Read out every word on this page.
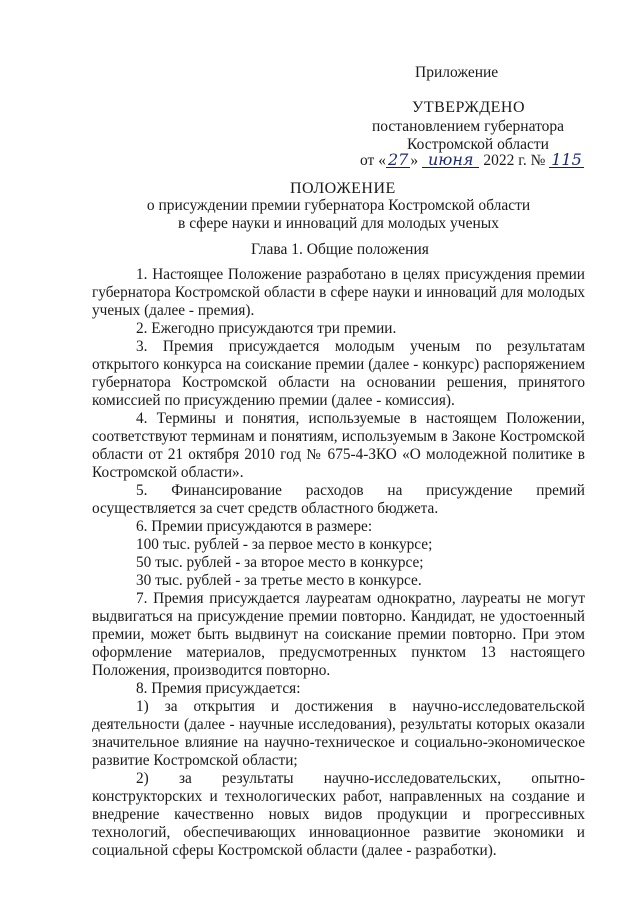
Приложение
УТВЕРЖДЕНО
постановлением губернатора
Костромской области
от « 27 » июня 2022 г. № 115
ПОЛОЖЕНИЕ
о присуждении премии губернатора Костромской области
в сфере науки и инноваций для молодых ученых
Глава 1. Общие положения

1. Настоящее Положение разработано в целях присуждения премии губернатора Костромской области в сфере науки и инноваций для молодых ученых (далее - премия).

2. Ежегодно присуждаются три премии.

3. Премия присуждается молодым ученым по результатам открытого конкурса на соискание премии (далее - конкурс) распоряжением губернатора Костромской области на основании решения, принятого комиссией по присуждению премии (далее - комиссия).

4. Термины и понятия, используемые в настоящем Положении, соответствуют терминам и понятиям, используемым в Законе Костромской области от 21 октября 2010 год № 675-4-ЗКО «О молодежной политике в Костромской области».

5. Финансирование расходов на присуждение премий осуществляется за счет средств областного бюджета.

6. Премии присуждаются в размере:

100 тыс. рублей - за первое место в конкурсе;

50 тыс. рублей - за второе место в конкурсе;

30 тыс. рублей - за третье место в конкурсе.

7. Премия присуждается лауреатам однократно, лауреаты не могут выдвигаться на присуждение премии повторно. Кандидат, не удостоенный премии, может быть выдвинут на соискание премии повторно. При этом оформление материалов, предусмотренных пунктом 13 настоящего Положения, производится повторно.

8. Премия присуждается:

1) за открытия и достижения в научно-исследовательской деятельности (далее - научные исследования), результаты которых оказали значительное влияние на научно-техническое и социально-экономическое развитие Костромской области;

2) за результаты научно-исследовательских, опытно-конструкторских и технологических работ, направленных на создание и внедрение качественно новых видов продукции и прогрессивных технологий, обеспечивающих инновационное развитие экономики и социальной сферы Костромской области (далее - разработки).
